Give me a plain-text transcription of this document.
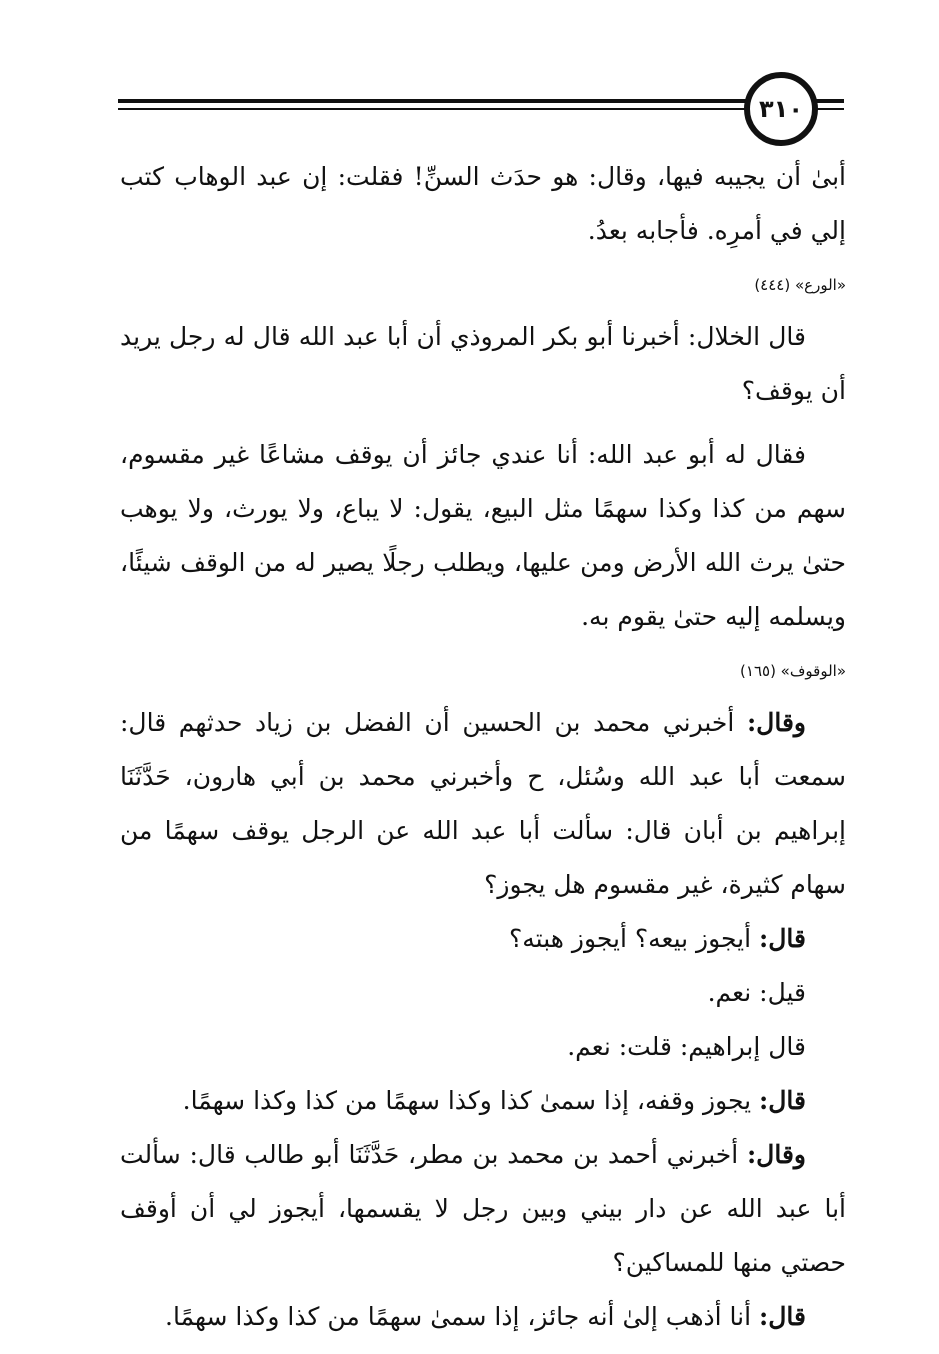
٣١٠

أبىٰ أن يجيبه فيها، وقال: هو حدَث السنِّ! فقلت: إن عبد الوهاب كتب إلي في أمرِه. فأجابه بعدُ.

«الورع» (٤٤٤)

قال الخلال: أخبرنا أبو بكر المروذي أن أبا عبد الله قال له رجل يريد أن يوقف؟

فقال له أبو عبد الله: أنا عندي جائز أن يوقف مشاعًا غير مقسوم، سهم من كذا وكذا سهمًا مثل البيع، يقول: لا يباع، ولا يورث، ولا يوهب حتىٰ يرث الله الأرض ومن عليها، ويطلب رجلًا يصير له من الوقف شيئًا، ويسلمه إليه حتىٰ يقوم به.

«الوقوف» (١٦٥)

وقال: أخبرني محمد بن الحسين أن الفضل بن زياد حدثهم قال: سمعت أبا عبد الله وسُئل، ح وأخبرني محمد بن أبي هارون، حَدَّثَنَا إبراهيم بن أبان قال: سألت أبا عبد الله عن الرجل يوقف سهمًا من سهام كثيرة، غير مقسوم هل يجوز؟

قال: أيجوز بيعه؟ أيجوز هبته؟

قيل: نعم.

قال إبراهيم: قلت: نعم.

قال: يجوز وقفه، إذا سمىٰ كذا وكذا سهمًا من كذا وكذا سهمًا.

وقال: أخبرني أحمد بن محمد بن مطر، حَدَّثَنَا أبو طالب قال: سألت أبا عبد الله عن دار بيني وبين رجل لا يقسمها، أيجوز لي أن أوقف حصتي منها للمساكين؟

قال: أنا أذهب إلىٰ أنه جائز، إذا سمىٰ سهمًا من كذا وكذا سهمًا.
